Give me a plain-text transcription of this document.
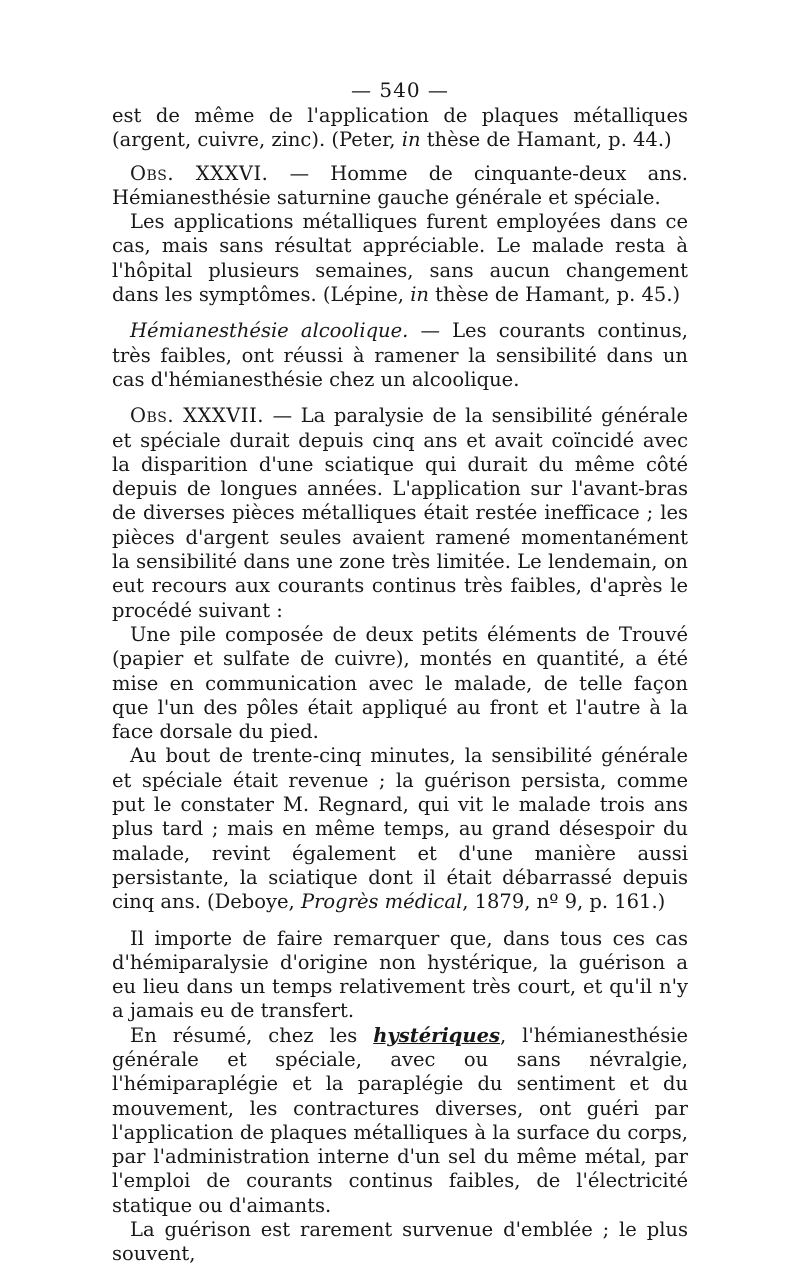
— 540 —

est de même de l'application de plaques métalliques (argent, cuivre, zinc). (Peter, in thèse de Hamant, p. 44.)

Obs. XXXVI. — Homme de cinquante-deux ans. Hémianesthésie saturnine gauche générale et spéciale.

Les applications métalliques furent employées dans ce cas, mais sans résultat appréciable. Le malade resta à l'hôpital plusieurs semaines, sans aucun changement dans les symptômes. (Lépine, in thèse de Hamant, p. 45.)

Hémianesthésie alcoolique. — Les courants continus, très faibles, ont réussi à ramener la sensibilité dans un cas d'hémianesthésie chez un alcoolique.

Obs. XXXVII. — La paralysie de la sensibilité générale et spéciale durait depuis cinq ans et avait coïncidé avec la disparition d'une sciatique qui durait du même côté depuis de longues années. L'application sur l'avant-bras de diverses pièces métalliques était restée inefficace ; les pièces d'argent seules avaient ramené momentanément la sensibilité dans une zone très limitée. Le lendemain, on eut recours aux courants continus très faibles, d'après le procédé suivant :

Une pile composée de deux petits éléments de Trouvé (papier et sulfate de cuivre), montés en quantité, a été mise en communication avec le malade, de telle façon que l'un des pôles était appliqué au front et l'autre à la face dorsale du pied.

Au bout de trente-cinq minutes, la sensibilité générale et spéciale était revenue ; la guérison persista, comme put le constater M. Regnard, qui vit le malade trois ans plus tard ; mais en même temps, au grand désespoir du malade, revint également et d'une manière aussi persistante, la sciatique dont il était débarrassé depuis cinq ans. (Deboye, Progrès médical, 1879, nº 9, p. 161.)

Il importe de faire remarquer que, dans tous ces cas d'hémiparalysie d'origine non hystérique, la guérison a eu lieu dans un temps relativement très court, et qu'il n'y a jamais eu de transfert.

En résumé, chez les hystériques, l'hémianesthésie générale et spéciale, avec ou sans névralgie, l'hémiparaplégie et la paraplégie du sentiment et du mouvement, les contractures diverses, ont guéri par l'application de plaques métalliques à la surface du corps, par l'administration interne d'un sel du même métal, par l'emploi de courants continus faibles, de l'électricité statique ou d'aimants.

La guérison est rarement survenue d'emblée ; le plus souvent,
